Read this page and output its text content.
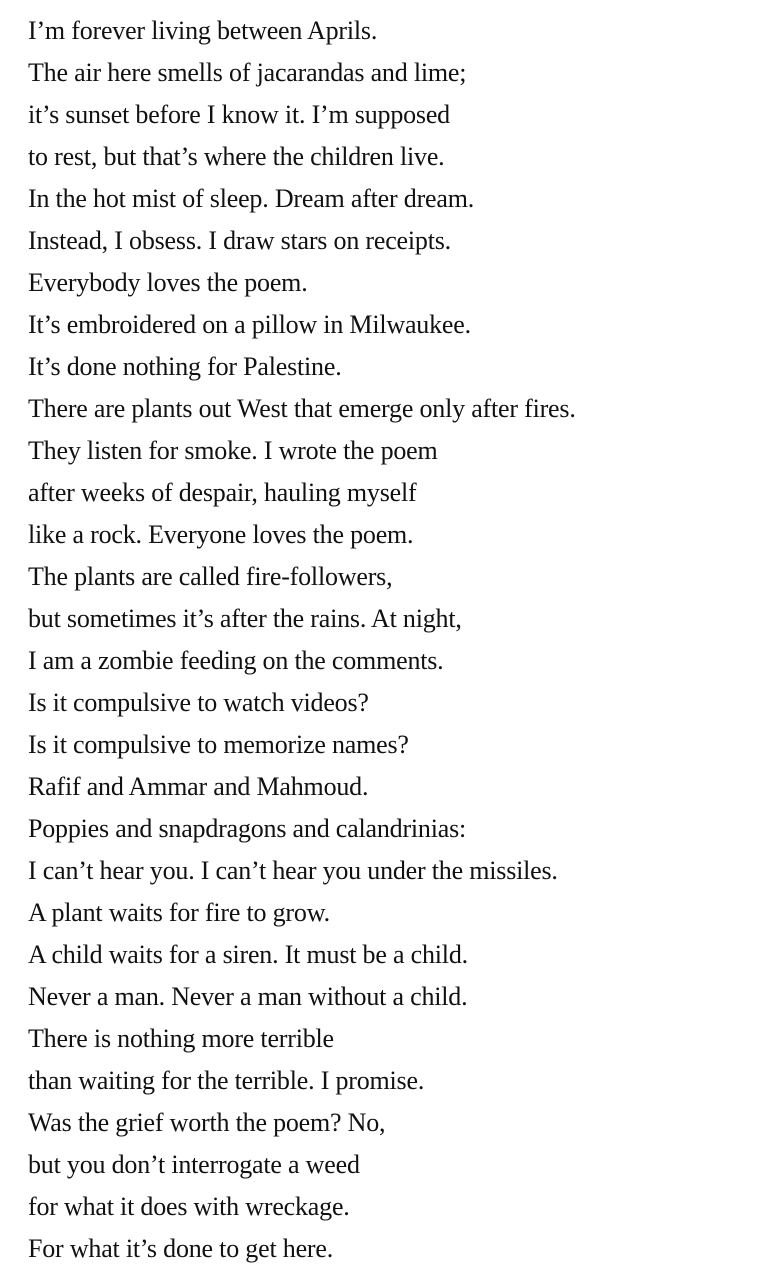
I’m forever living between Aprils.
The air here smells of jacarandas and lime;
it’s sunset before I know it. I’m supposed
to rest, but that’s where the children live.
In the hot mist of sleep. Dream after dream.
Instead, I obsess. I draw stars on receipts.
Everybody loves the poem.
It’s embroidered on a pillow in Milwaukee.
It’s done nothing for Palestine.
There are plants out West that emerge only after fires.
They listen for smoke. I wrote the poem
after weeks of despair, hauling myself
like a rock. Everyone loves the poem.
The plants are called fire-followers,
but sometimes it’s after the rains. At night,
I am a zombie feeding on the comments.
Is it compulsive to watch videos?
Is it compulsive to memorize names?
Rafif and Ammar and Mahmoud.
Poppies and snapdragons and calandrinias:
I can’t hear you. I can’t hear you under the missiles.
A plant waits for fire to grow.
A child waits for a siren. It must be a child.
Never a man. Never a man without a child.
There is nothing more terrible
than waiting for the terrible. I promise.
Was the grief worth the poem? No,
but you don’t interrogate a weed
for what it does with wreckage.
For what it’s done to get here.
